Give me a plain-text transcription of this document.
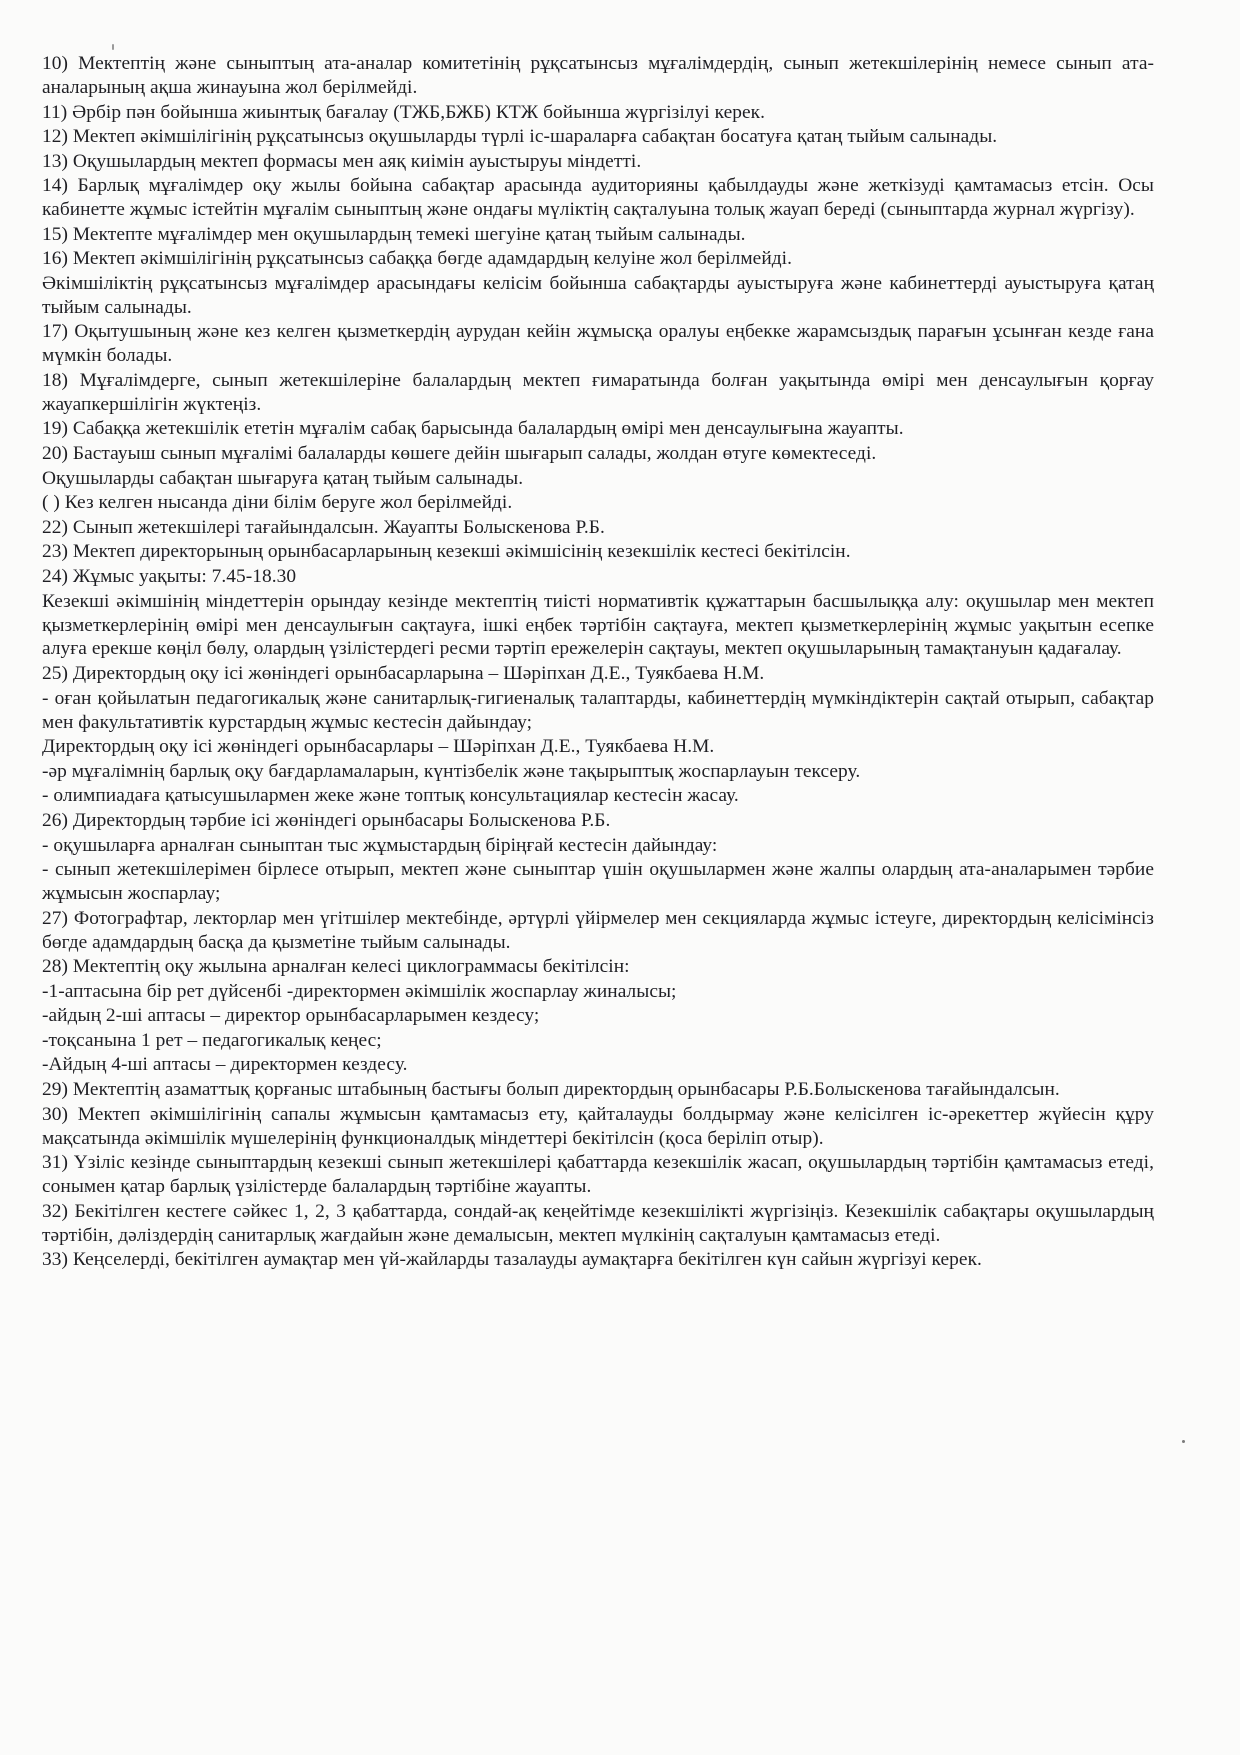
10) Мектептің және сыныптың ата-аналар комитетінің рұқсатынсыз мұғалімдердің, сынып жетекшілерінің немесе сынып ата-аналарының ақша жинауына жол берілмейді.

11) Әрбір пән бойынша жиынтық бағалау (ТЖБ,БЖБ) КТЖ бойынша жүргізілуі керек.

12) Мектеп әкімшілігінің рұқсатынсыз оқушыларды түрлі іс-шараларға сабақтан босатуға қатаң тыйым салынады.

13) Оқушылардың мектеп формасы мен аяқ киімін ауыстыруы міндетті.

14) Барлық мұғалімдер оқу жылы бойына сабақтар арасында аудиторияны қабылдауды және жеткізуді қамтамасыз етсін. Осы кабинетте жұмыс істейтін мұғалім сыныптың және ондағы мүліктің сақталуына толық жауап береді (сыныптарда журнал жүргізу).

15) Мектепте мұғалімдер мен оқушылардың темекі шегуіне қатаң тыйым салынады.

16) Мектеп әкімшілігінің рұқсатынсыз сабаққа бөгде адамдардың келуіне жол берілмейді.

Әкімшіліктің рұқсатынсыз мұғалімдер арасындағы келісім бойынша сабақтарды ауыстыруға және кабинеттерді ауыстыруға қатаң тыйым салынады.

17) Оқытушының және кез келген қызметкердің аурудан кейін жұмысқа оралуы еңбекке жарамсыздық парағын ұсынған кезде ғана мүмкін болады.

18) Мұғалімдерге, сынып жетекшілеріне балалардың мектеп ғимаратында болған уақытында өмірі мен денсаулығын қорғау жауапкершілігін жүктеңіз.

19) Сабаққа жетекшілік ететін мұғалім сабақ барысында балалардың өмірі мен денсаулығына жауапты.

20) Бастауыш сынып мұғалімі балаларды көшеге дейін шығарып салады, жолдан өтуге көмектеседі.

Оқушыларды сабақтан шығаруға қатаң тыйым салынады.

( ) Кез келген нысанда діни білім беруге жол берілмейді.

22) Сынып жетекшілері тағайындалсын. Жауапты Болыскенова Р.Б.

23) Мектеп директорының орынбасарларының кезекші әкімшісінің кезекшілік кестесі бекітілсін.

24) Жұмыс уақыты: 7.45-18.30

Кезекші әкімшінің міндеттерін орындау кезінде мектептің тиісті нормативтік құжаттарын басшылыққа алу: оқушылар мен мектеп қызметкерлерінің өмірі мен денсаулығын сақтауға, ішкі еңбек тәртібін сақтауға, мектеп қызметкерлерінің жұмыс уақытын есепке алуға ерекше көңіл бөлу, олардың үзілістердегі ресми тәртіп ережелерін сақтауы, мектеп оқушыларының тамақтануын қадағалау.

25) Директордың оқу ісі жөніндегі орынбасарларына – Шәріпхан Д.Е., Туякбаева Н.М.

- оған қойылатын педагогикалық және санитарлық-гигиеналық талаптарды, кабинеттердің мүмкіндіктерін сақтай отырып, сабақтар мен факультативтік курстардың жұмыс кестесін дайындау;

Директордың оқу ісі жөніндегі орынбасарлары – Шәріпхан Д.Е., Туякбаева Н.М.

-әр мұғалімнің барлық оқу бағдарламаларын, күнтізбелік және тақырыптық жоспарлауын тексеру.

- олимпиадаға қатысушылармен жеке және топтық консультациялар кестесін жасау.

26) Директордың тәрбие ісі жөніндегі орынбасары Болыскенова Р.Б.

- оқушыларға арналған сыныптан тыс жұмыстардың біріңғай кестесін дайындау:

- сынып жетекшілерімен бірлесе отырып, мектеп және сыныптар үшін оқушылармен және жалпы олардың ата-аналарымен тәрбие жұмысын жоспарлау;

27) Фотографтар, лекторлар мен үгітшілер мектебінде, әртүрлі үйірмелер мен секцияларда жұмыс істеуге, директордың келісімінсіз бөгде адамдардың басқа да қызметіне тыйым салынады.

28) Мектептің оқу жылына арналған келесі циклограммасы бекітілсін:

-1-аптасына бір рет дүйсенбі -директормен әкімшілік жоспарлау жиналысы;

-айдың 2-ші аптасы – директор орынбасарларымен кездесу;

-тоқсанына 1 рет – педагогикалық кеңес;

-Айдың 4-ші аптасы – директормен кездесу.

29) Мектептің азаматтық қорғаныс штабының бастығы болып директордың орынбасары Р.Б.Болыскенова тағайындалсын.

30) Мектеп әкімшілігінің сапалы жұмысын қамтамасыз ету, қайталауды болдырмау және келісілген іс-әрекеттер жүйесін құру мақсатында әкімшілік мүшелерінің функционалдық міндеттері бекітілсін (қоса беріліп отыр).

31) Үзіліс кезінде сыныптардың кезекші сынып жетекшілері қабаттарда кезекшілік жасап, оқушылардың тәртібін қамтамасыз етеді, сонымен қатар барлық үзілістерде балалардың тәртібіне жауапты.

32) Бекітілген кестеге сәйкес 1, 2, 3 қабаттарда, сондай-ақ кеңейтімде кезекшілікті жүргізіңіз. Кезекшілік сабақтары оқушылардың тәртібін, дәліздердің санитарлық жағдайын және демалысын, мектеп мүлкінің сақталуын қамтамасыз етеді.

33) Кеңселерді, бекітілген аумақтар мен үй-жайларды тазалауды аумақтарға бекітілген күн сайын жүргізуі керек.
